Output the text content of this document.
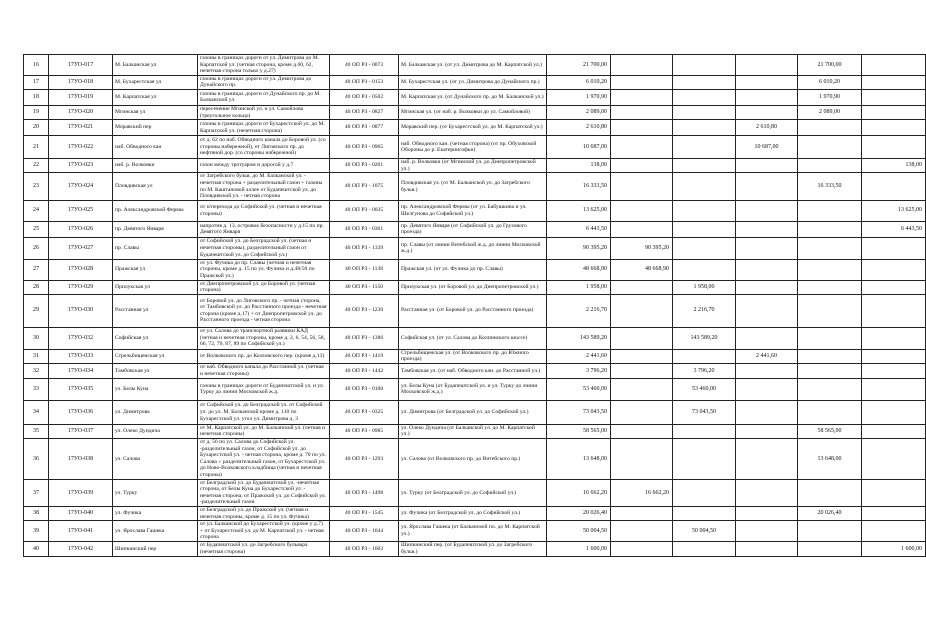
16	17УО-017	М. Балканская ул	газоны в границах дороги от ул. Димитрова до М. Карпатской ул. (четная сторона, кроме д.60, 62, нечетная сторона только у д.27)	40 ОП РЗ - 0073	М. Балканская ул. (от ул. Димитрова до М. Карпатской ул.)	21 700,00				21 700,00	
17	17УО-018	М. Бухарестская ул	газоны в границах дороги от ул. Димитрова до Дунайского пр.	40 ОП РЗ - 0153	М. Бухарестская ул. (от ул. Димитрова до Дунайского пр.)	6 010,20				6 010,20	
18	17УО-019	М. Карпатская ул	газоны в границах дороги от Дунайского пр. до М. Балканской ул.	40 ОП РЗ - 0502	М. Карпатская ул. (от Дунайского пр. до М. Балканской ул.)	1 970,90				1 970,90	
19	17УО-020	Мгинская ул	пересечение Мгинской ул. и ул. Самойлова (треугольное кольцо)	40 ОП РЗ - 0827	Мгинская ул. (от наб. р. Волковки до ул. Самойловой)	2 089,00				2 089,00	
20	17УО-021	Моравский пер	газоны в границах дороги от Бухарестской ул. до М. Карпатской ул. (нечетная сторона)	40 ОП РЗ - 0877	Моравский пер. (от Бухарестской ул. до М. Карпатской ул.)	2 610,80			2 610,80		
21	17УО-022	наб. Обводного кан	от д. 62 по наб. Обводного канала до Боровой ул. (со стороны набережной), от Лиговского пр. до нефтяной дор. (со стороны набережной)	40 ОП РЗ - 0965	наб. Обводного кан. (четная сторона) (от пр. Обуховской Обороны до р. Екатерингофки)	10 687,00			10 687,00		
22	17УО-023	наб. р. Волковки	газон между тротуаром и дорогой у д.7	40 ОП РЗ - 0201	наб. р. Волковки (от Мгинской ул. до Днепропетровской ул.)	138,00					138,00
23	17УО-024	Пловдивская ул	от Загребского бульв. до М. Балканской ул. - нечетная сторона + разделительный газон + газоны по М. Каштановой аллее от Будапештской ул. до Пловдивской ул. - четная сторона	40 ОП РЗ - 1075	Пловдивская ул. (от М. Балканской ул. до Загребского бульв.)	16 333,50				16 333,50	
24	17УО-025	пр. Александровской Фермы	от п/перехода до Софийской ул. (четная и нечетная стороны)	40 ОП РЗ - 0035	пр. Александровской Фермы (от ул. Бабушкина и ул. Шелгунова до Софийской ул.)	13 625,00					13 625,00
25	17УО-026	пр. Девятого Января	напротив д. 13, островок безопасности у д.15 по пр. Девятого Января	40 ОП РЗ - 0301	пр. Девятого Января (от Софийской ул. до Грузового проезда)	6 443,50					6 443,50
26	17УО-027	пр. Славы	от Софийской ул. до Белградской ул. (четная и нечетная стороны), разделительный газон от Будапештской ул. до Софийской ул.)	40 ОП РЗ - 1339	пр. Славы (от линии Витебской ж.д. до линии Московской ж.д.)	90 395,20	90 395,20				
27	17УО-028	Пражская ул	от ул. Фучика до пр. Славы (четная и нечетная стороны, кроме д. 15 по ул. Фучика и д.48/50 по Пражской ул.)	40 ОП РЗ - 1138	Пражская ул. (от ул. Фучика до пр. Славы)	48 668,90	48 668,90				
28	17УО-029	Прилукская ул	от Днепропетровской ул. до Боровой ул. (четная сторона)	40 ОП РЗ - 1150	Прилукская ул. (от Боровой ул. до Днепропетровской ул.)	1 958,00		1 958,00			
29	17УО-030	Расстанная ул	от Боровой ул. до Лиговского пр. - четная сторона, от Тамбовской ул. до Расстанного проезда - нечетная сторона (кроме д.17) + от Днепропетровской ул. до Расстанного проезда - четная сторона	40 ОП РЗ - 1230	Расстанная ул. (от Боровой ул. до Расстанного проезда)	2 216,70		2 216,70			
30	17УО-032	Софийская ул	от ул. Салова до транспортной развязки КАД (четная и нечетная стороны, кроме д. 2, 6, 54, 56, 58, 66, 72, 79, 87, 89 по Софийской ул.)	40 ОП РЗ - 1386	Софийская ул. (от ул. Салова до Колпинского шоссе)	143 589,20		143 589,20			
31	17УО-033	Стрельбищенская ул	от Волковского пр. до Козловского пер. (кроме д.13)	40 ОП РЗ - 1419	Стрельбищенская ул. (от Волковского пр. до Южного проезда)	2 441,60			2 441,60		
32	17УО-034	Тамбовская ул	от наб. Обводного канала до Расстанной ул. (четная и нечетная стороны)	40 ОП РЗ - 1442	Тамбовская ул. (от наб. Обводного кан. до Расстанной ул.)	3 796,20		3 796,20			
33	17УО-035	ул. Белы Куна	газоны в границах дороги от Будапештской ул. и ул. Турку до линии Московской ж.д.	40 ОП РЗ - 0100	ул. Белы Куна (от Будапештской ул. и ул. Турку до линии Московской ж.д.)	53 460,00		53 460,00			
34	17УО-036	ул. Димитрова	от Софийской ул. до Белградской ул. от Софийской ул. до ул. М. Балканской кроме д. 110 по Бухарестской ул. угол ул. Димитрова д. 3	40 ОП РЗ - 0325	ул. Димитрова (от Белградской ул. до Софийской ул.)	73 043,50		73 043,50			
35	17УО-037	ул. Олеко Дундича	от М. Карпатской ул. до М. Балканской ул. (четная и нечетная стороны)	40 ОП РЗ - 0985	ул. Олеко Дундича (от Балканской ул. до М. Карпатской ул.)	58 565,00				58 565,00	
36	17УО-038	ул. Салова	от д. 56 по ул. Салова до Софийской ул. -разделительный газон, от Софийской ул. до Бухарестской ул. - четная сторона, кроме д. 70 по ул. Салова + разделительный газон, от Бухарестской ул. до Ново-Волковского кладбища (четная и нечетная стороны)	40 ОП РЗ - 1293	ул. Салова (от Волковского пр. до Витебского пр.)	13 648,00				13 648,00	
37	17УО-039	ул. Турку	от Белградской ул. до Будапештской ул. -нечетная сторона, от Белы Куна до Бухарестской ул. - нечетная сторона, от Пражской ул. до Софийской ул. -разделительный газон	40 ОП РЗ - 1498	ул. Турку (от Белградской ул. до Софийской ул.)	16 662,20	16 662,20				
38	17УО-040	ул. Фучика	от Белградской ул. до Пражской ул. (четная и нечетная стороны, кроме д. 15 по ул. Фучика)	40 ОП РЗ - 1545	ул. Фучика (от Белградской ул. до Софийской ул.)	20 026,40				20 026,40	
39	17УО-041	ул. Ярослава Гашека	от ул. Балканской до Бухарестской ул. (кроме у д.7) + от Бухарестской ул. до М. Карпатской ул. - четная сторона	40 ОП РЗ - 1644	ул. Ярослава Гашека (от Балканской пл. до М. Карпатской ул.)	50 004,50		50 004,50			
40	17УО-042	Шипкинский пер	от Будапештской ул. до Загребского бульвара (нечетная сторона)	40 ОП РЗ - 1603	Шипкинский пер. (от Будапештской ул. до Загребского бульв.)	1 600,00					1 600,00
